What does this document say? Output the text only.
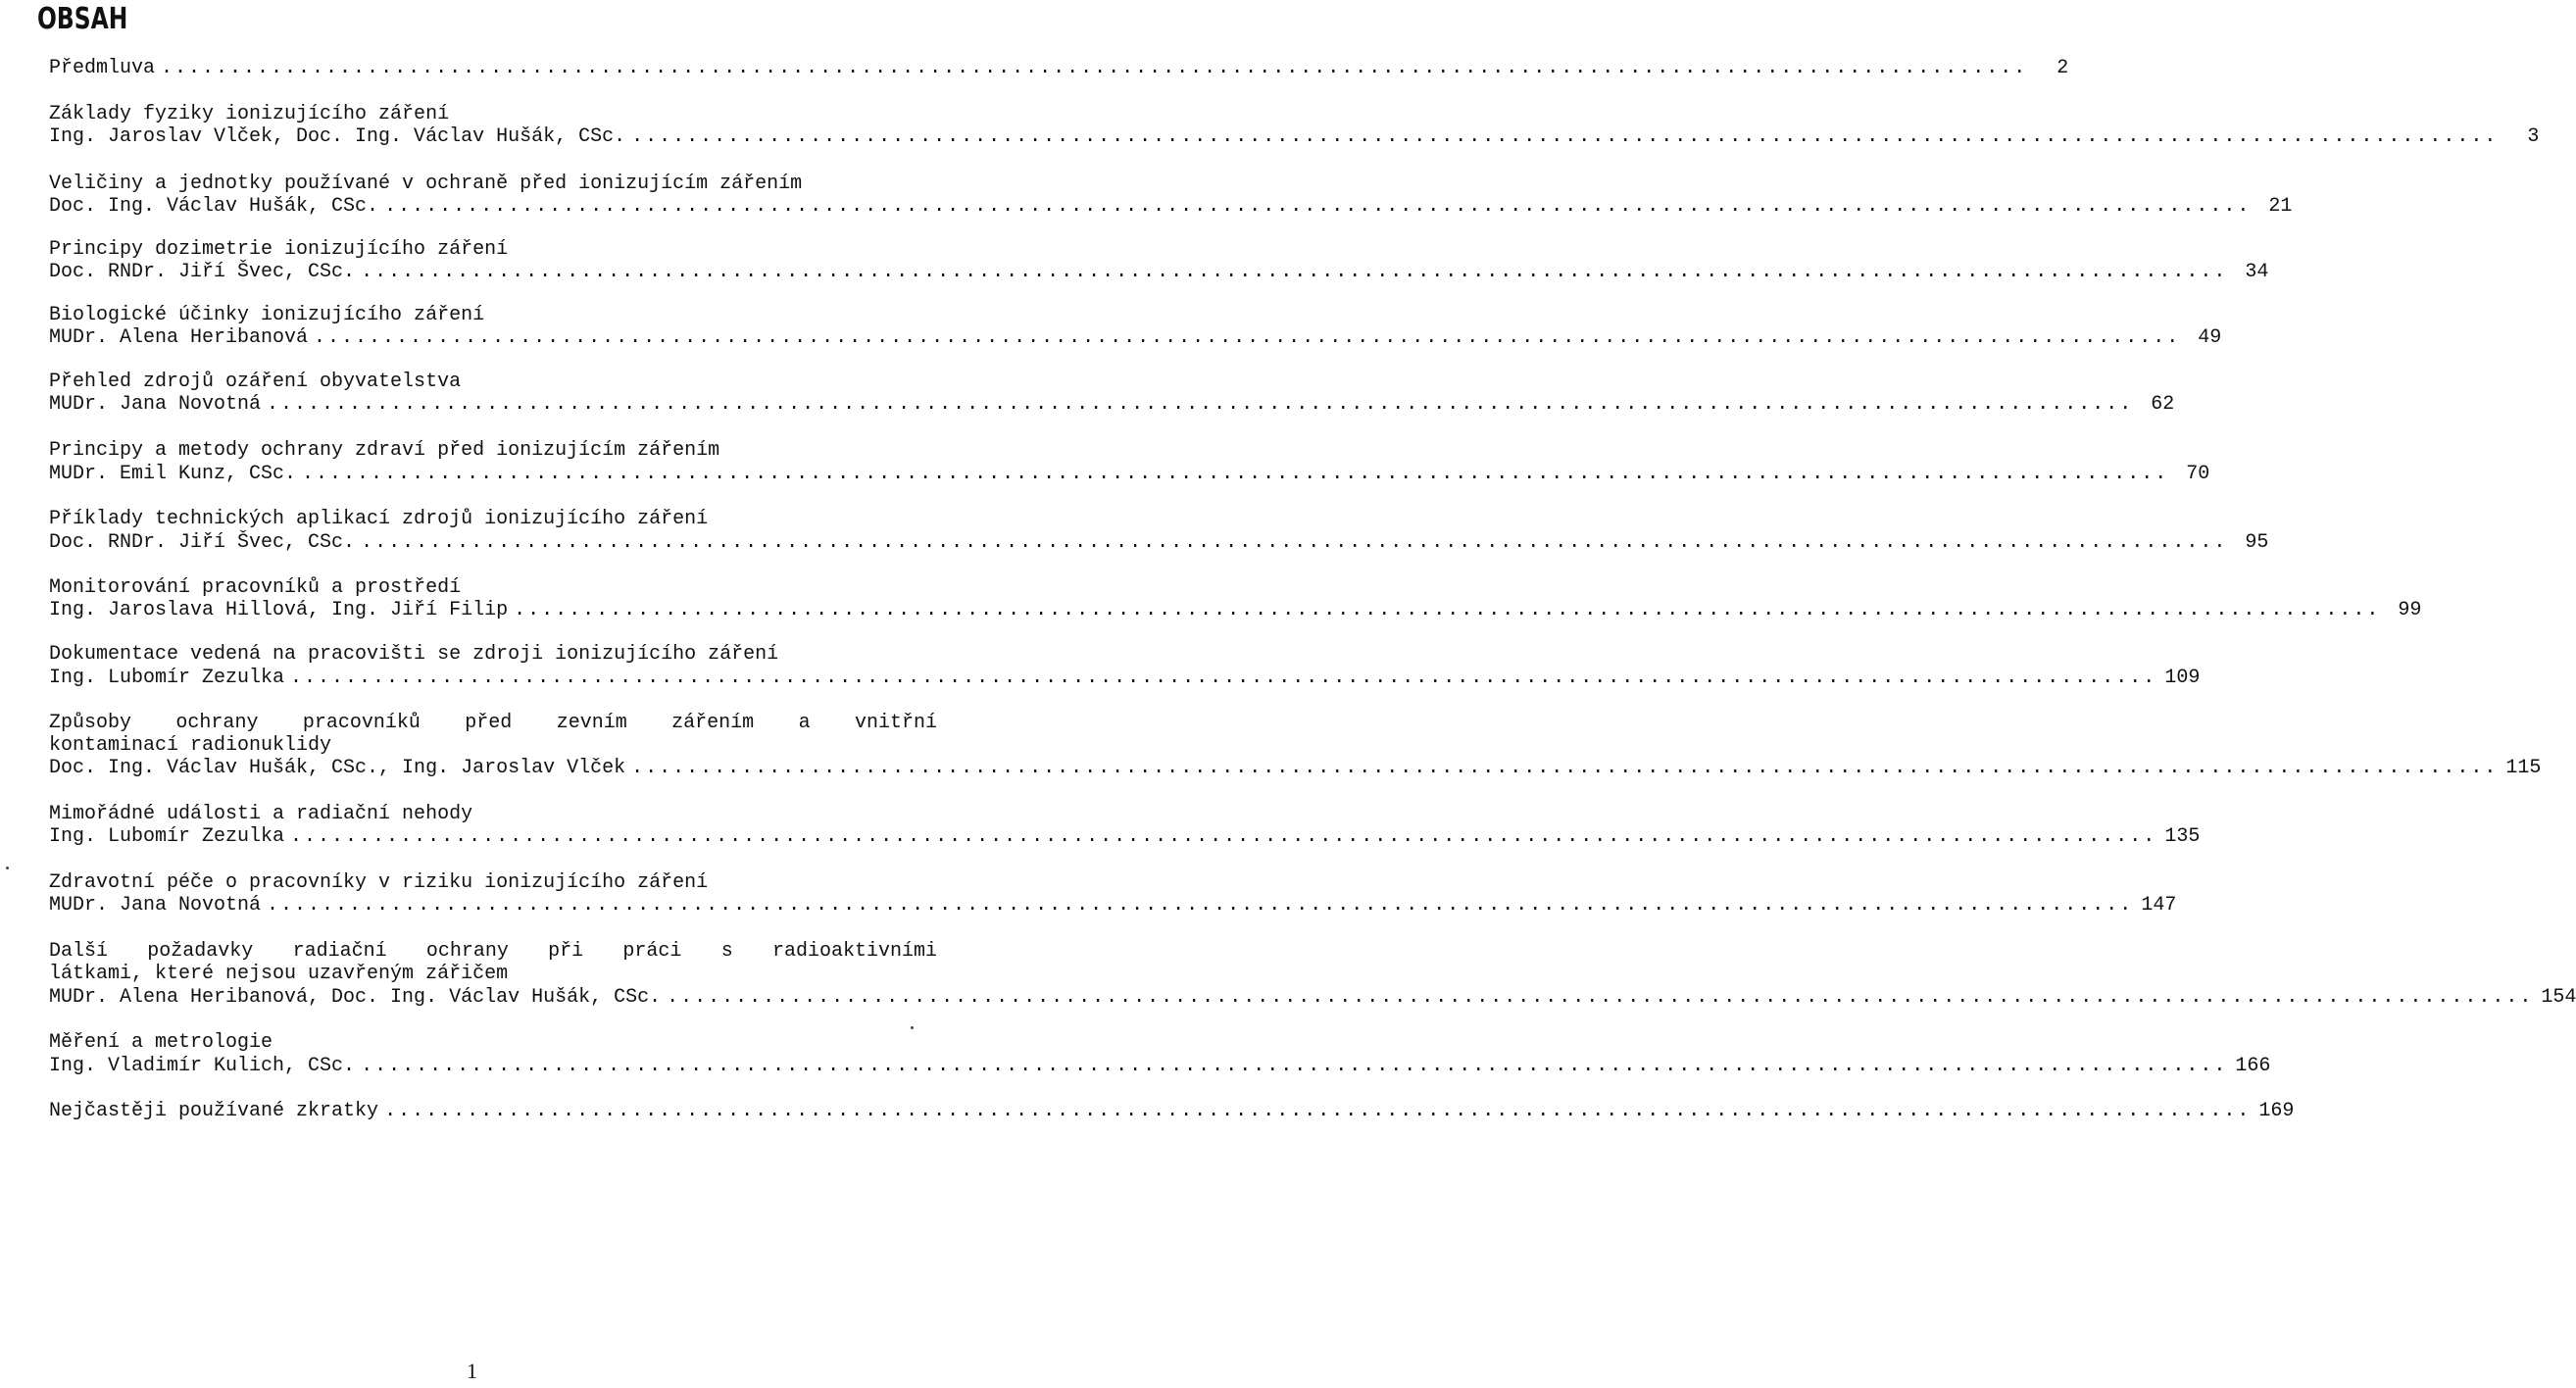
OBSAH
Předmluva ........................................................................................................................................	2
Základy fyziky ionizujícího záření
Ing. Jaroslav Vlček, Doc. Ing. Václav Hušák, CSc. ........................................................................................................................................	3
Veličiny a jednotky používané v ochraně před ionizujícím zářením
Doc. Ing. Václav Hušák, CSc. ........................................................................................................................................ 21
Principy dozimetrie ionizujícího záření
Doc. RNDr. Jiří Švec, CSc. ........................................................................................................................................ 34
Biologické účinky ionizujícího záření
MUDr. Alena Heribanová ........................................................................................................................................ 49
Přehled zdrojů ozáření obyvatelstva
MUDr. Jana Novotná ........................................................................................................................................ 62
Principy a metody ochrany zdraví před ionizujícím zářením
MUDr. Emil Kunz, CSc. ........................................................................................................................................ 70
Příklady technických aplikací zdrojů ionizujícího záření
Doc. RNDr. Jiří Švec, CSc. ........................................................................................................................................ 95
Monitorování pracovníků a prostředí
Ing. Jaroslava Hillová, Ing. Jiří Filip ........................................................................................................................................ 99
Dokumentace vedená na pracovišti se zdroji ionizujícího záření
Ing. Lubomír Zezulka ........................................................................................................................................ 109
Způsoby ochrany pracovníků před zevním zářením a vnitřní
kontaminací radionuklidy
Doc. Ing. Václav Hušák, CSc., Ing. Jaroslav Vlček ........................................................................................................................................ 115
Mimořádné události a radiační nehody
Ing. Lubomír Zezulka ........................................................................................................................................ 135
Zdravotní péče o pracovníky v riziku ionizujícího záření
MUDr. Jana Novotná ........................................................................................................................................ 147
Další požadavky radiační ochrany při práci s radioaktivními
látkami, které nejsou uzavřeným zářičem
MUDr. Alena Heribanová, Doc. Ing. Václav Hušák, CSc. ........................................................................................................................................ 154
Měření a metrologie
Ing. Vladimír Kulich, CSc. ........................................................................................................................................ 166
Nejčastěji používané zkratky ........................................................................................................................................ 169
1
